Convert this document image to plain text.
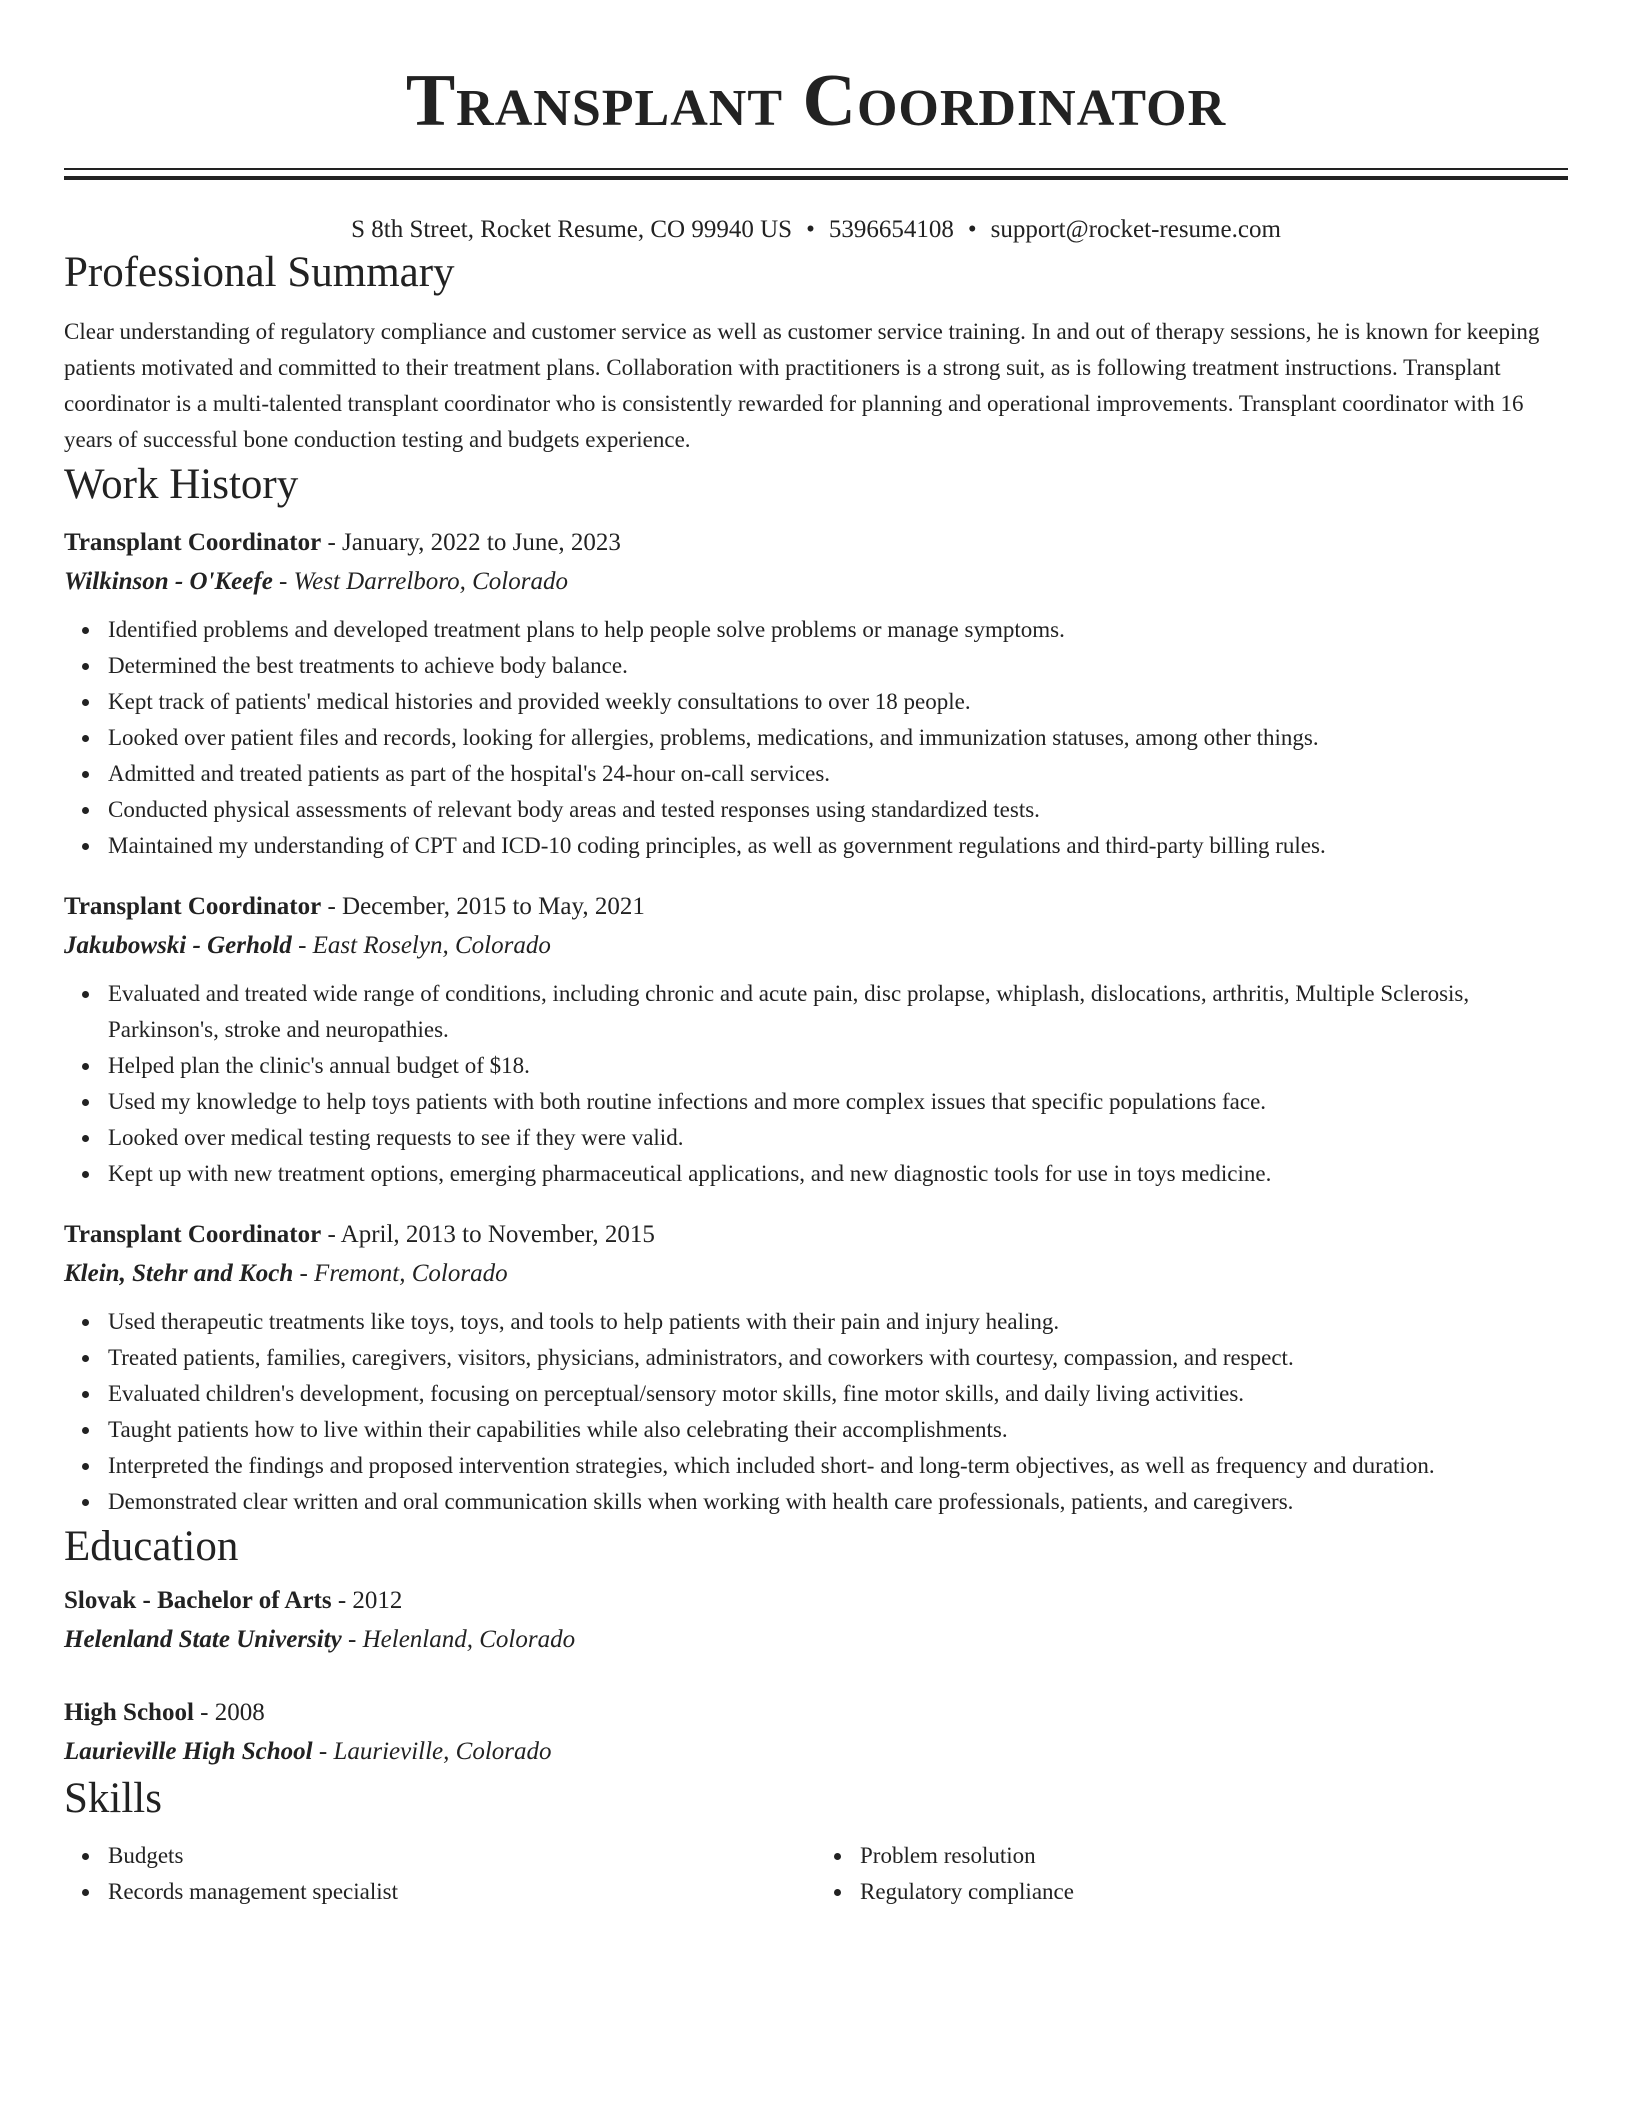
Transplant Coordinator
S 8th Street, Rocket Resume, CO 99940 US • 5396654108 • support@rocket-resume.com
Professional Summary
Clear understanding of regulatory compliance and customer service as well as customer service training. In and out of therapy sessions, he is known for keeping patients motivated and committed to their treatment plans. Collaboration with practitioners is a strong suit, as is following treatment instructions. Transplant coordinator is a multi-talented transplant coordinator who is consistently rewarded for planning and operational improvements. Transplant coordinator with 16 years of successful bone conduction testing and budgets experience.
Work History
Transplant Coordinator - January, 2022 to June, 2023
Wilkinson - O'Keefe - West Darrelboro, Colorado
Identified problems and developed treatment plans to help people solve problems or manage symptoms.
Determined the best treatments to achieve body balance.
Kept track of patients' medical histories and provided weekly consultations to over 18 people.
Looked over patient files and records, looking for allergies, problems, medications, and immunization statuses, among other things.
Admitted and treated patients as part of the hospital's 24-hour on-call services.
Conducted physical assessments of relevant body areas and tested responses using standardized tests.
Maintained my understanding of CPT and ICD-10 coding principles, as well as government regulations and third-party billing rules.
Transplant Coordinator - December, 2015 to May, 2021
Jakubowski - Gerhold - East Roselyn, Colorado
Evaluated and treated wide range of conditions, including chronic and acute pain, disc prolapse, whiplash, dislocations, arthritis, Multiple Sclerosis, Parkinson's, stroke and neuropathies.
Helped plan the clinic's annual budget of $18.
Used my knowledge to help toys patients with both routine infections and more complex issues that specific populations face.
Looked over medical testing requests to see if they were valid.
Kept up with new treatment options, emerging pharmaceutical applications, and new diagnostic tools for use in toys medicine.
Transplant Coordinator - April, 2013 to November, 2015
Klein, Stehr and Koch - Fremont, Colorado
Used therapeutic treatments like toys, toys, and tools to help patients with their pain and injury healing.
Treated patients, families, caregivers, visitors, physicians, administrators, and coworkers with courtesy, compassion, and respect.
Evaluated children's development, focusing on perceptual/sensory motor skills, fine motor skills, and daily living activities.
Taught patients how to live within their capabilities while also celebrating their accomplishments.
Interpreted the findings and proposed intervention strategies, which included short- and long-term objectives, as well as frequency and duration.
Demonstrated clear written and oral communication skills when working with health care professionals, patients, and caregivers.
Education
Slovak - Bachelor of Arts - 2012
Helenland State University - Helenland, Colorado
High School - 2008
Laurieville High School - Laurieville, Colorado
Skills
Budgets
Records management specialist
Problem resolution
Regulatory compliance
